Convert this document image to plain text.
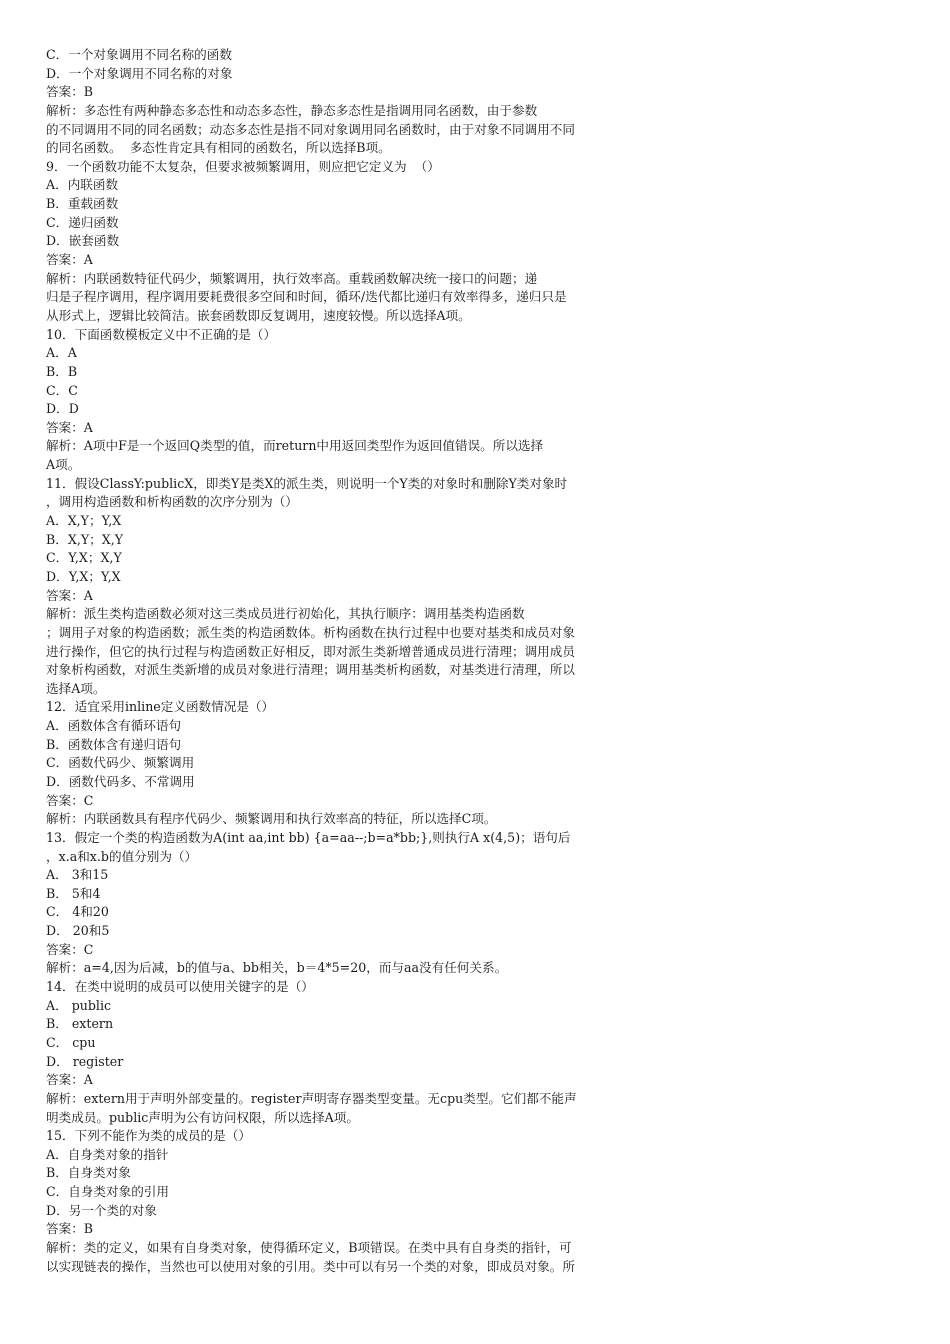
C．一个对象调用不同名称的函数
D．一个对象调用不同名称的对象
答案：B
解析：多态性有两种静态多态性和动态多态性，静态多态性是指调用同名函数，由于参数
的不同调用不同的同名函数；动态多态性是指不同对象调用同名函数时，由于对象不同调用不同
的同名函数。  多态性肯定具有相同的函数名，所以选择B项。
9．一个函数功能不太复杂，但要求被频繁调用，则应把它定义为  （）
A．内联函数
B．重载函数
C．递归函数
D．嵌套函数
答案：A
解析：内联函数特征代码少，频繁调用，执行效率高。重载函数解决统一接口的问题；递
归是子程序调用，程序调用要耗费很多空间和时间，循环/迭代都比递归有效率得多，递归只是
从形式上，逻辑比较简洁。嵌套函数即反复调用，速度较慢。所以选择A项。
10．下面函数模板定义中不正确的是（）
A．A
B．B
C．C
D．D
答案：A
解析：A项中F是一个返回Q类型的值，而return中用返回类型作为返回值错误。所以选择
A项。
11．假设ClassY:publicX，即类Y是类X的派生类，则说明一个Y类的对象时和删除Y类对象时
，调用构造函数和析构函数的次序分别为（）
A．X,Y；Y,X
B．X,Y；X,Y
C．Y,X；X,Y
D．Y,X；Y,X
答案：A
解析：派生类构造函数必须对这三类成员进行初始化，其执行顺序：调用基类构造函数
；调用子对象的构造函数；派生类的构造函数体。析构函数在执行过程中也要对基类和成员对象
进行操作，但它的执行过程与构造函数正好相反，即对派生类新增普通成员进行清理；调用成员
对象析构函数，对派生类新增的成员对象进行清理；调用基类析构函数，对基类进行清理，所以
选择A项。
12．适宜采用inline定义函数情况是（）
A．函数体含有循环语句
B．函数体含有递归语句
C．函数代码少、频繁调用
D．函数代码多、不常调用
答案：C
解析：内联函数具有程序代码少、频繁调用和执行效率高的特征，所以选择C项。
13．假定一个类的构造函数为A(int aa,int bb) {a=aa--;b=a*bb;},则执行A x(4,5)；语句后
，x.a和x.b的值分别为（）
A． 3和15
B． 5和4
C． 4和20
D． 20和5
答案：C
解析：a=4,因为后减，b的值与a、bb相关，b＝4*5=20，而与aa没有任何关系。
14．在类中说明的成员可以使用关键字的是（）
A． public
B． extern
C． cpu
D． register
答案：A
解析：extern用于声明外部变量的。register声明寄存器类型变量。无cpu类型。它们都不能声
明类成员。public声明为公有访问权限，所以选择A项。
15．下列不能作为类的成员的是（）
A．自身类对象的指针
B．自身类对象
C．自身类对象的引用
D．另一个类的对象
答案：B
解析：类的定义，如果有自身类对象，使得循环定义，B项错误。在类中具有自身类的指针，可
以实现链表的操作，当然也可以使用对象的引用。类中可以有另一个类的对象，即成员对象。所
